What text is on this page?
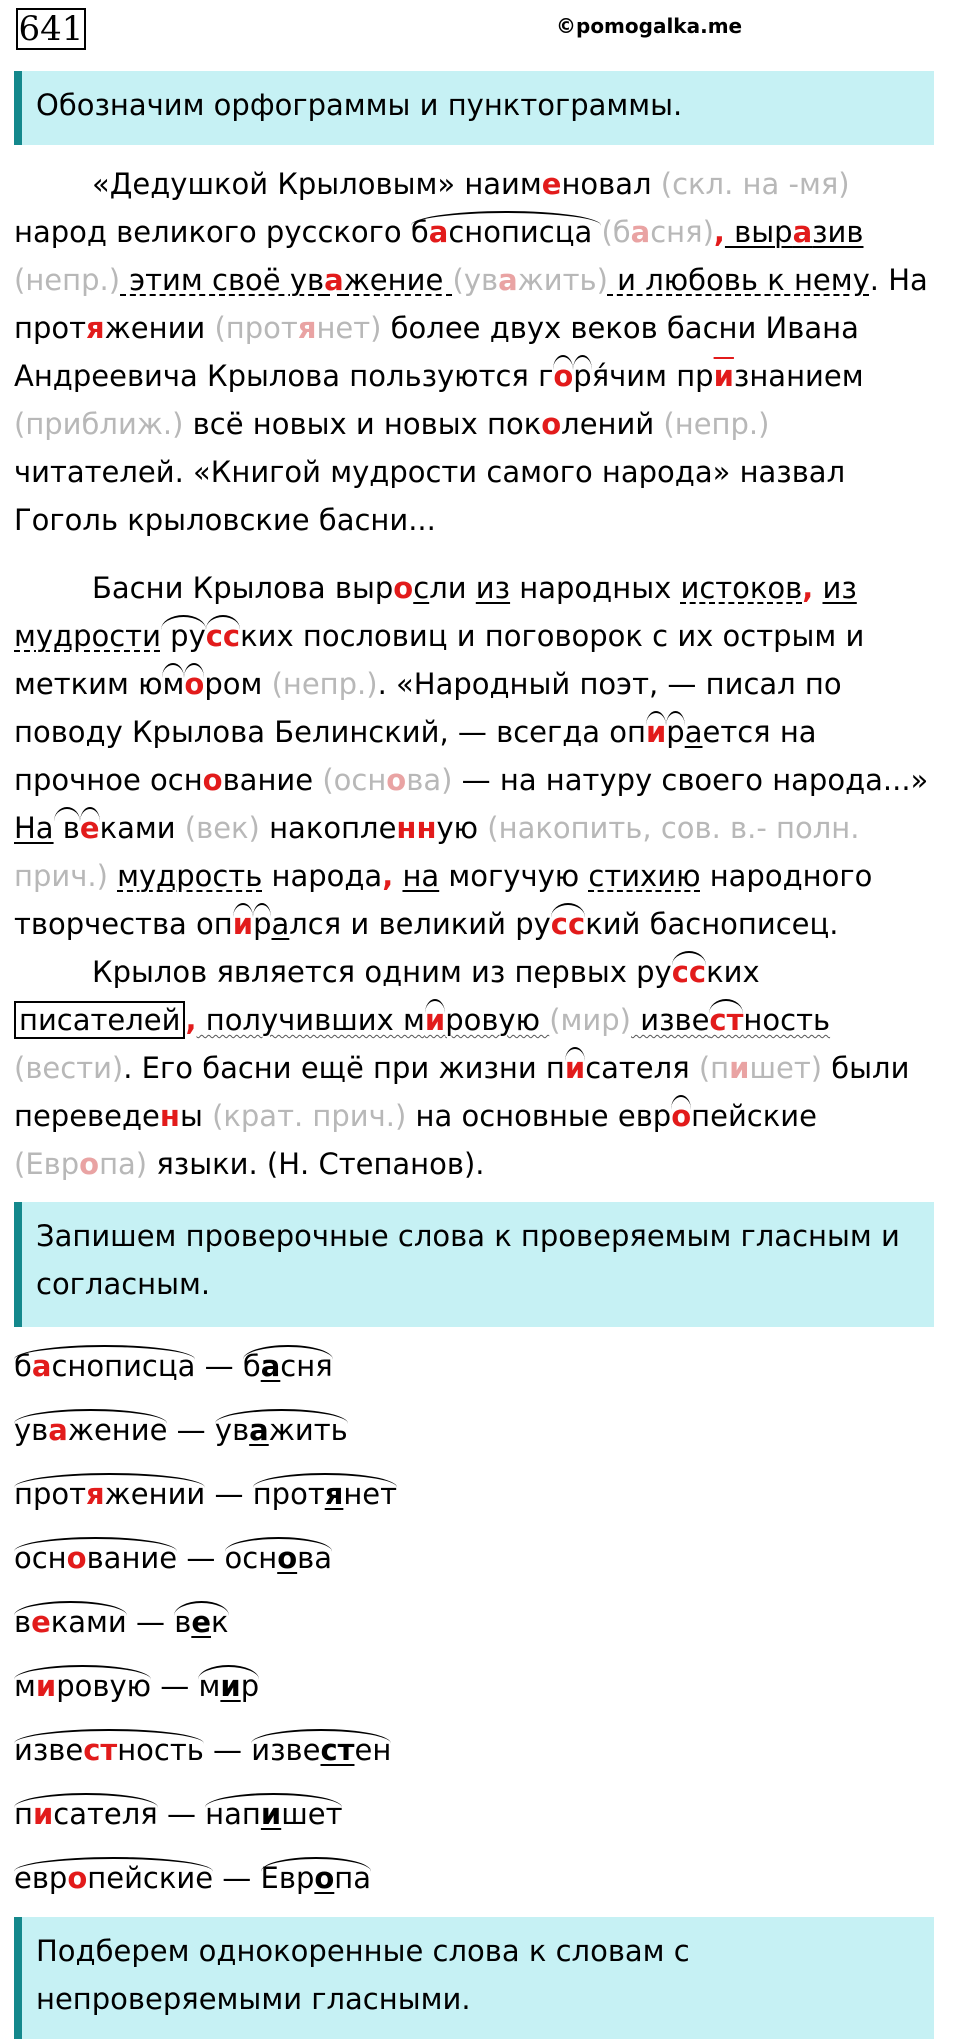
641	©pomogalka.me
Обозначим орфограммы и пунктограммы.

«Дедушкой Крыловым» наименовал (скл. на -мя) народ великого русского баснописца (басня), выразив (непр.) этим своё уважение (уважить) и любовь к нему. На протяжении (протянет) более двух веков басни Ивана Андреевича Крылова пользуются горя́чим признанием (приближ.) всё новых и новых поколений (непр.) читателей. «Книгой мудрости самого народа» назвал Гоголь крыловские басни...

Басни Крылова выросли из народных истоков, из мудрости русских пословиц и поговорок с их острым и метким юмором (непр.). «Народный поэт, — писал по поводу Крылова Белинский, — всегда опирается на прочное основание (основа) — на натуру своего народа...» На веками (век) накопленную (накопить, сов. в.- полн. прич.) мудрость народа, на могучую стихию народного творчества опирался и великий русский баснописец.

Крылов является одним из первых русских писателей , получивших мировую (мир) известность (вести). Его басни ещё при жизни писателя (пишет) были переведены (крат. прич.) на основные европейские (Европа) языки. (Н. Степанов).

Запишем проверочные слова к проверяемым гласным и согласным.
баснописца — басня
уважение — уважить
протяжении — протянет
основание — основа
веками — век
мировую — мир
известность — известен
писателя — напишет
европейские — Европа
Подберем однокоренные слова к словам с непроверяемыми гласными.
